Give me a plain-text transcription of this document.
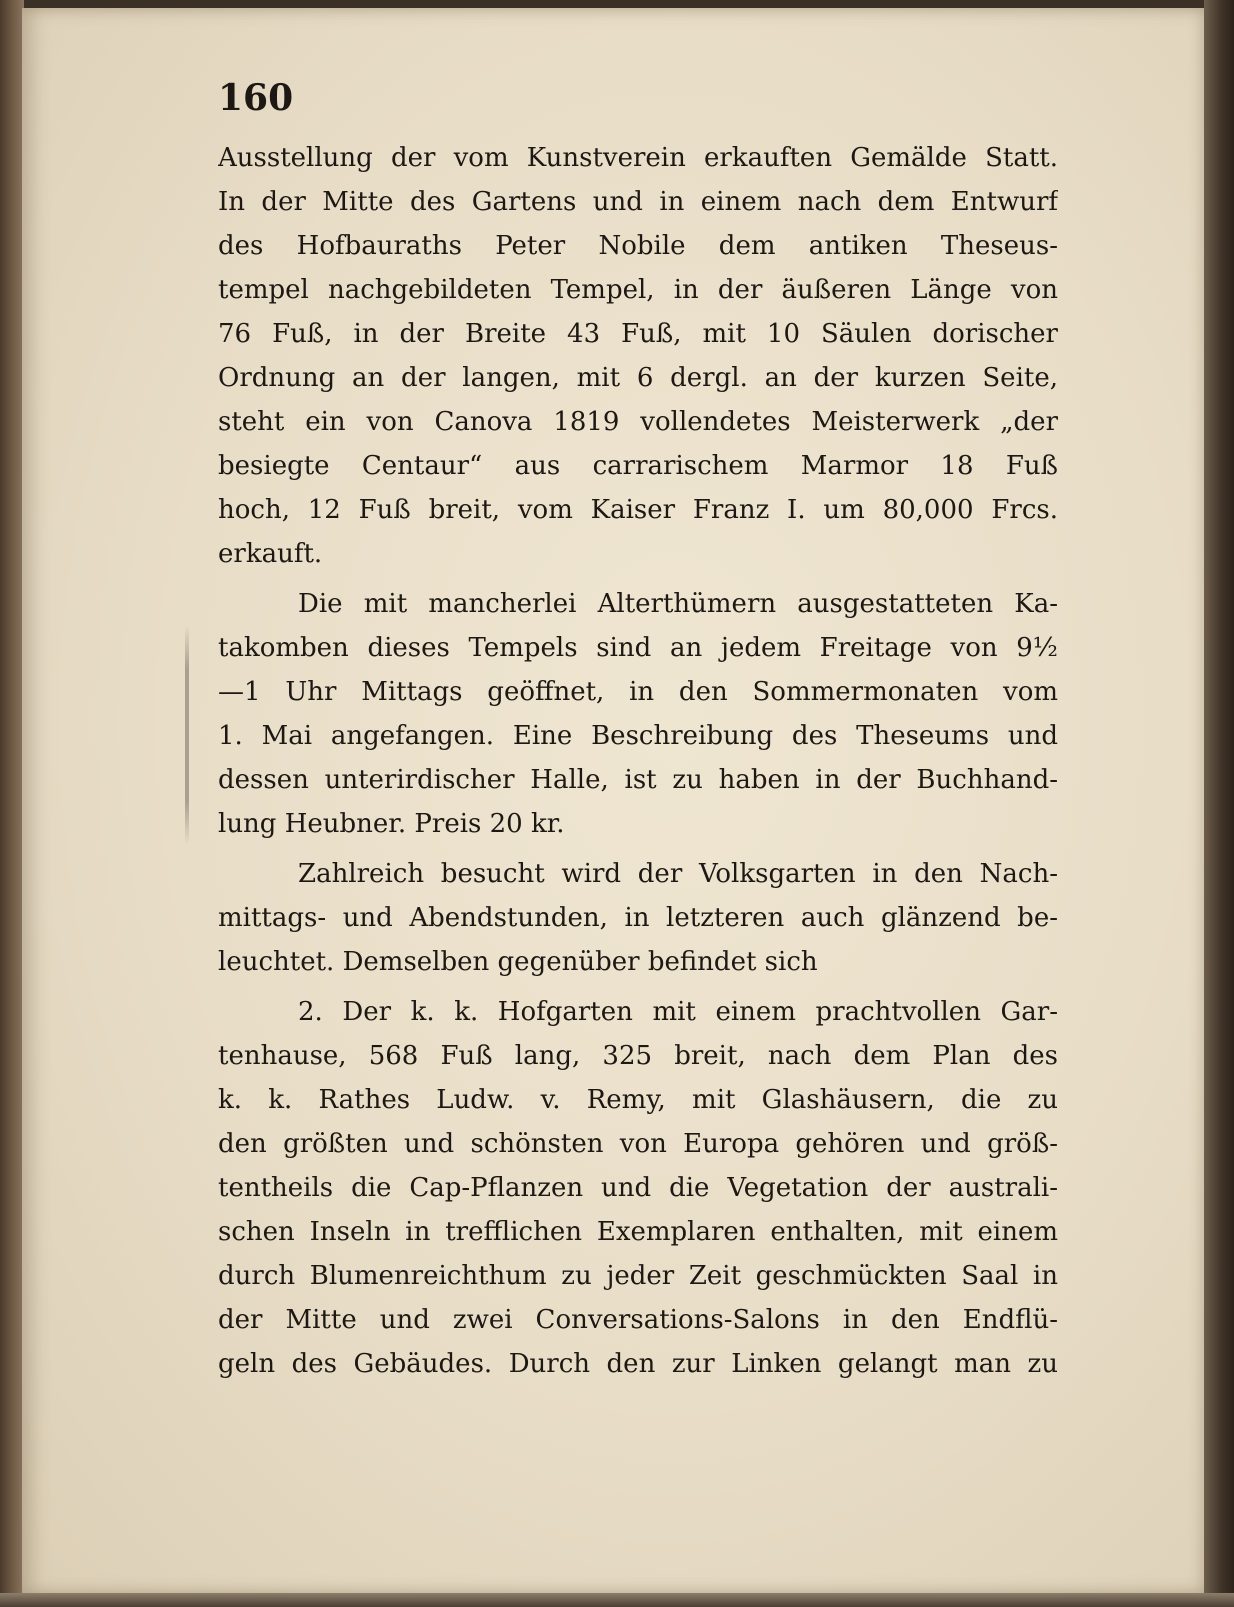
160
Ausstellung der vom Kunstverein erkauften Gemälde Statt.
In der Mitte des Gartens und in einem nach dem Entwurf
des Hofbauraths Peter Nobile dem antiken Theseus-
tempel nachgebildeten Tempel, in der äußeren Länge von
76 Fuß, in der Breite 43 Fuß, mit 10 Säulen dorischer
Ordnung an der langen, mit 6 dergl. an der kurzen Seite,
steht ein von Canova 1819 vollendetes Meisterwerk „der
besiegte Centaur“ aus carrarischem Marmor 18 Fuß
hoch, 12 Fuß breit, vom Kaiser Franz I. um 80,000 Frcs.
erkauft.
Die mit mancherlei Alterthümern ausgestatteten Ka-
takomben dieses Tempels sind an jedem Freitage von 9½
—1 Uhr Mittags geöffnet, in den Sommermonaten vom
1. Mai angefangen. Eine Beschreibung des Theseums und
dessen unterirdischer Halle, ist zu haben in der Buchhand-
lung Heubner. Preis 20 kr.
Zahlreich besucht wird der Volksgarten in den Nach-
mittags- und Abendstunden, in letzteren auch glänzend be-
leuchtet. Demselben gegenüber befindet sich
2. Der k. k. Hofgarten mit einem prachtvollen Gar-
tenhause, 568 Fuß lang, 325 breit, nach dem Plan des
k. k. Rathes Ludw. v. Remy, mit Glashäusern, die zu
den größten und schönsten von Europa gehören und größ-
tentheils die Cap-Pflanzen und die Vegetation der australi-
schen Inseln in trefflichen Exemplaren enthalten, mit einem
durch Blumenreichthum zu jeder Zeit geschmückten Saal in
der Mitte und zwei Conversations-Salons in den Endflü-
geln des Gebäudes. Durch den zur Linken gelangt man zu
